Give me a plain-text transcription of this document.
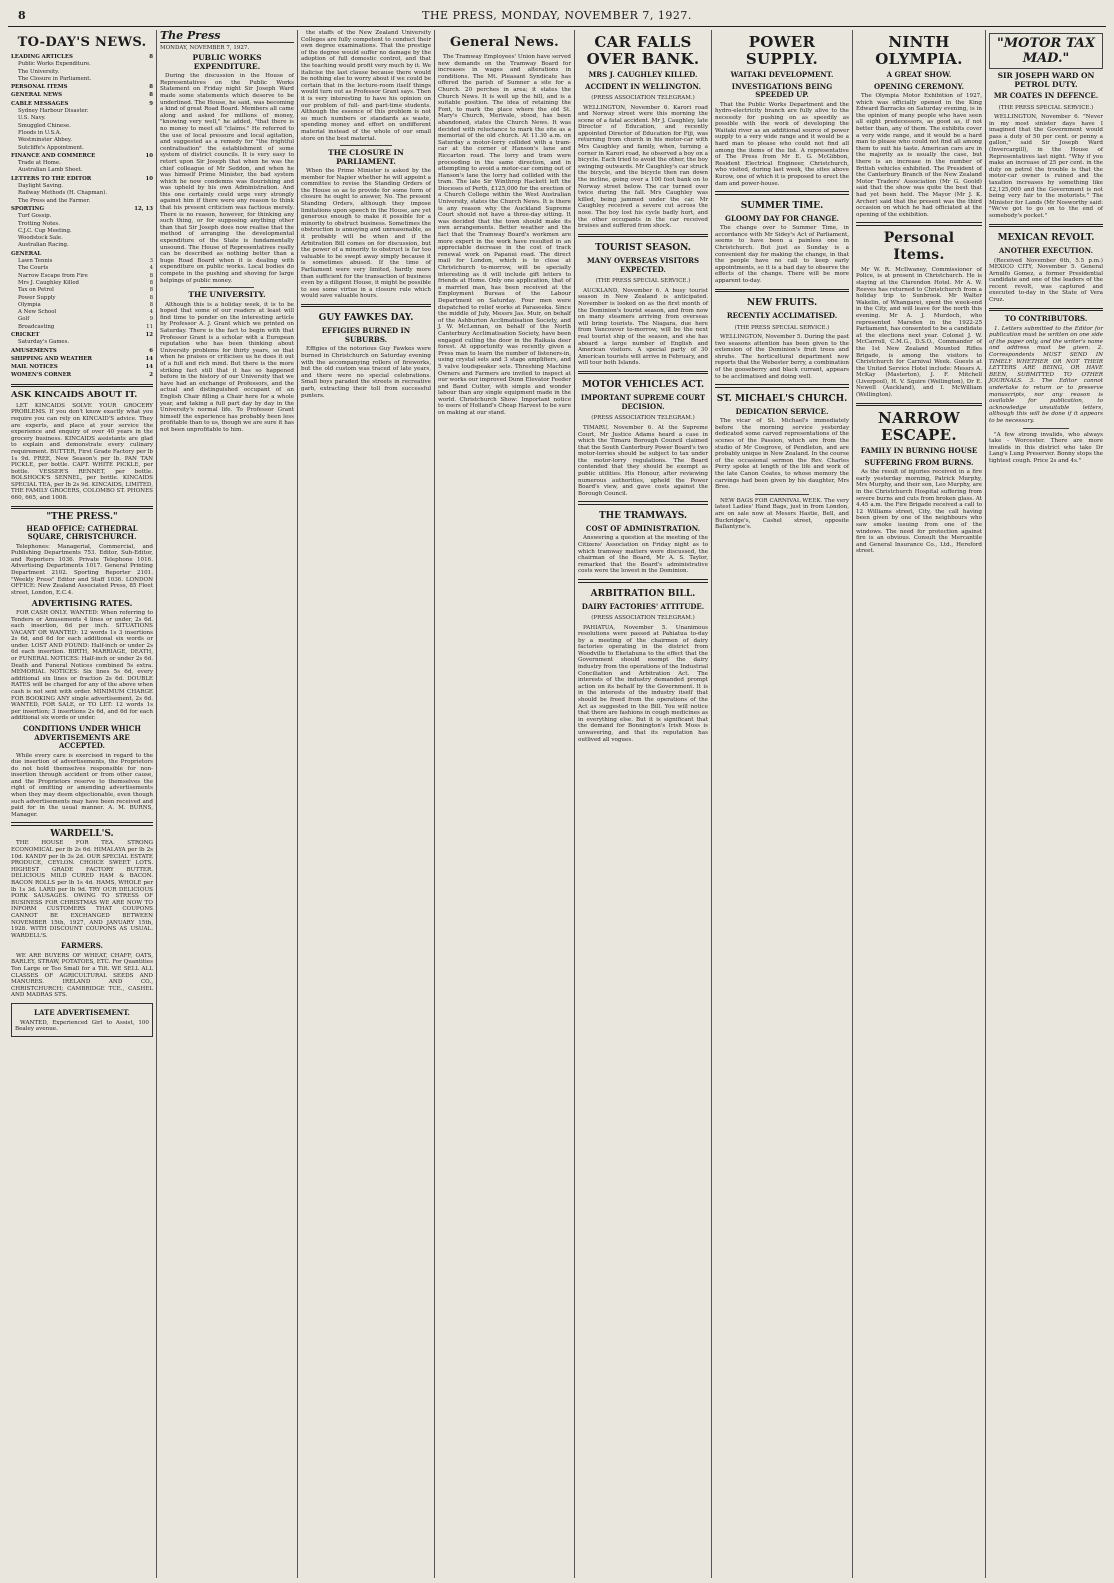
8	THE PRESS, MONDAY, NOVEMBER 7, 1927.
TO-DAY'S NEWS.
LEADING ARTICLES	8
Public Works Expenditure.
The University.
The Closure in Parliament.
PERSONAL ITEMS	8
GENERAL NEWS	8
CABLE MESSAGES	9
Sydney Harbour Disaster.
U.S. Navy.
Smuggled Chinese.
Floods in U.S.A.
Westminster Abbey.
Sutcliffe's Appointment.
FINANCE AND COMMERCE	10
Trade at Home.
Australian Lamb Sheet.
LETTERS TO THE EDITOR	10
Daylight Saving.
Railway Methods (H. Chapman).
The Press and the Farmer.
SPORTING	12, 13
Turf Gossip.
Trotting Notes.
C.J.C. Cup Meeting.
Woodstock Sale.
Australian Racing.
GENERAL
Lawn Tennis	3
The Courts	4
Narrow Escape from Fire	8
Mrs J. Caughley Killed	8
Tax on Petrol	8
Power Supply	8
Olympia	8
A New School	4
Golf	9
Broadcasting	11
CRICKET	12
Saturday's Games.
AMUSEMENTS	6
SHIPPING AND WEATHER	14
MAIL NOTICES	14
WOMEN'S CORNER	2
ASK KINCAIDS ABOUT IT.

LET KINCAIDS SOLVE YOUR GROCERY PROBLEMS. If you don't know exactly what you require you can rely on KINCAID'S advice. They are experts, and place at your service the experience and enquiry of over 40 years in the grocery business. KINCAIDS assistants are glad to explain and demonstrate every culinary requirement. BUTTER, First Grade Factory per lb 1s 9d. FREE, New Season's per lb. PAN TAN PICKLE, per bottle. CAPT. WHITE PICKLE, per bottle. VESSER'S RENNET, per bottle. BOLSHOCK'S SENNEL, per bottle. KINCAIDS SPECIAL TEA, per lb 2s 9d. KINCAIDS, LIMITED, THE FAMILY GROCERS, COLOMBO ST. PHONES 660, 665, and 1008.

"THE PRESS."
HEAD OFFICE: CATHEDRAL SQUARE, CHRISTCHURCH.

Telephones: Managerial, Commercial, and Publishing Departments 753. Editor, Sub-Editor, and Reporters 1036. Private Telephone 1016. Advertising Departments 1017. General Printing Department 2102. Sporting Reporter 2101. "Weekly Press" Editor and Staff 1036. LONDON OFFICE: New Zealand Associated Press, 85 Fleet street, London, E.C.4.

ADVERTISING RATES.

FOR CASH ONLY. WANTED: When referring to Tenders or Amusements 4 lines or under, 2s 6d. each insertion, 6d per inch. SITUATIONS VACANT OR WANTED: 12 words 1s 3 insertions 2s 6d, and 6d for each additional six words or under. LOST AND FOUND: Half-inch or under 2s 6d each insertion. BIRTH, MARRIAGE, DEATH, or FUNERAL NOTICES: Half-inch or under 2s 6d. Death and Funeral Notices combined 5s extra. MEMORIAL NOTICES: Six lines 5s 6d, every additional six lines or fraction 2s 6d. DOUBLE RATES will be charged for any of the above when cash is not sent with order. MINIMUM CHARGE FOR BOOKING ANY single advertisement, 2s 6d. WANTED, FOR SALE, or TO LET: 12 words 1s per insertion; 3 insertions 2s 6d, and 6d for each additional six words or under.

CONDITIONS UNDER WHICH ADVERTISEMENTS ARE ACCEPTED.

While every care is exercised in regard to the due insertion of advertisements, the Proprietors do not hold themselves responsible for non-insertion through accident or from other cause, and the Proprietors reserve to themselves the right of omitting or amending advertisements when they may deem objectionable, even though such advertisements may have been received and paid for in the usual manner. A. M. BURNS, Manager.

WARDELL'S.

THE HOUSE FOR TEA. STRONG ECONOMICAL per lb 2s 6d. HIMALAYA per lb 2s 10d. KANDY per lb 3s 2d. OUR SPECIAL ESTATE PRODUCE, CEYLON. CHOICE SWEET LOTS. HIGHEST GRADE FACTORY BUTTER. DELICIOUS MILD CURED HAM & BACON. BACON ROLLS per lb 1s 4d. HAMS, WHOLE per lb 1s 3d. LARD per lb 9d. TRY OUR DELICIOUS PORK SAUSAGES. OWING TO STRESS OF BUSINESS FOR CHRISTMAS WE ARE NOW TO INFORM CUSTOMERS THAT COUPONS CANNOT BE EXCHANGED BETWEEN NOVEMBER 15th, 1927, AND JANUARY 15th, 1928. WITH DISCOUNT COUPONS AS USUAL. WARDELL'S.

FARMERS.

WE ARE BUYERS OF WHEAT, CHAFF, OATS, BARLEY, STRAW, POTATOES, ETC. For Quantities Ton Large or Too Small for a Tilt. WE SELL ALL CLASSES OF AGRICULTURAL SEEDS AND MANURES. IRELAND AND CO., CHRISTCHURCH; CAMBRIDGE TCE., CASHEL AND MADRAS STS.

LATE ADVERTISEMENT.

WANTED, Experienced Girl to Assist, 100 Bealey avenue.

The Press
MONDAY, NOVEMBER 7, 1927.
PUBLIC WORKS EXPENDITURE.

During the discussion in the House of Representatives on the Public Works Statement on Friday night Sir Joseph Ward made some statements which deserve to be underlined. The House, he said, was becoming a kind of great Road Board. Members all came along and asked for millions of money, "knowing very well," he added, "that there is no money to meet all "claims." He referred to the use of local pressure and local agitation, and suggested as a remedy for "the frightful centralisation" the establishment of some system of district councils. It is very easy to retort upon Sir Joseph that when he was the chief colleague of Mr Seddon, and when he was himself Prime Minister, the bad system which he now condemns was flourishing and was upheld by his own Administration. And this one certainly could urge very strongly against him if there were any reason to think that his present criticism was factious merely. There is no reason, however, for thinking any such thing, or for supposing anything other than that Sir Joseph does now realise that the method of arranging the developmental expenditure of the State is fundamentally unsound. The House of Representatives really can be described as nothing better than a huge Road Board when it is dealing with expenditure on public works. Local bodies do compete in the pushing and shoving for large helpings of public money.

THE UNIVERSITY.

Although this is a holiday week, it is to be hoped that some of our readers at least will find time to ponder on the interesting article by Professor A. J. Grant which we printed on Saturday. There is the fact to begin with that Professor Grant is a scholar with a European reputation who has been thinking about University problems for thirty years, so that when he praises or criticises us he does it out of a full and rich mind. But there is the more striking fact still that it has so happened before in the history of our University that we have had an exchange of Professors, and the actual and distinguished occupant of an English Chair filling a Chair here for a whole year, and taking a full part day by day in the University's normal life. To Professor Grant himself the experience has probably been less profitable than to us, though we are sure it has not been unprofitable to him.

the staffs of the New Zealand University Colleges are fully competent to conduct their own degree examinations. That the prestige of the degree would suffer no damage by the adoption of full domestic control, and that the teaching would profit very much by it. We italicise the last clause because there would be nothing else to worry about if we could be certain that in the lecture-room itself things would turn out as Professor Grant says. Then it is very interesting to have his opinion on our problem of full- and part-time students. Although the essence of this problem is not so much numbers or standards as waste, spending money and effort on undifferent material instead of the whole of our small store on the best material.

THE CLOSURE IN PARLIAMENT.

When the Prime Minister is asked by the member for Napier whether he will appoint a committee to revise the Standing Orders of the House so as to provide for some form of closure he ought to answer, No. The present Standing Orders, although they impose limitations upon speech in the House, are yet generous enough to make it possible for a minority to obstruct business. Sometimes the obstruction is annoying and unreasonable, as it probably will be when and if the Arbitration Bill comes on for discussion, but the power of a minority to obstruct is far too valuable to be swept away simply because it is sometimes abused. If the time of Parliament were very limited, hardly more than sufficient for the transaction of business even by a diligent House, it might be possible to see some virtue in a closure rule which would save valuable hours.

GUY FAWKES DAY.
EFFIGIES BURNED IN SUBURBS.

Effigies of the notorious Guy Fawkes were burned in Christchurch on Saturday evening with the accompanying rollers of fireworks, but the old custom was traced of late years, and there were no special celebrations. Small boys paraded the streets in recreative garb, extracting their toll from successful punters.

General News.

The Tramway Employees' Union have served new demands on the Tramway Board for increases in wages and alterations in conditions. The Mt. Pleasant Syndicate has offered the parish of Sumner a site for a Church. 20 perches in area; it states the Church News. It is well up the hill, and is a suitable position. The idea of retaining the Font, to mark the place where the old St. Mary's Church, Merivale, stood, has been abandoned, states the Church News. It was decided with reluctance to mark the site as a memorial of the old church. At 11.30 a.m. on Saturday a motor-lorry collided with a tram-car at the corner of Hanson's lane and Riccarton road. The lorry and tram were proceeding in the same direction, and in attempting to avoid a motor-car coming out of Hanson's lane the lorry had collided with the tram. The late Sir Winthrop Hackett left the Dioceses of Perth, £125,000 for the erection of a Church College within the West Australian University, states the Church News. It is there is any reason why the Auckland Supreme Court should not have a three-day sitting. It was decided that the town should make its own arrangements. Better weather and the fact that the Tramway Board's workmen are more expert in the work have resulted in an appreciable decrease in the cost of track renewal work on Papanui road. The direct mail for London, which is to close at Christchurch to-morrow, will be specially interesting as it will include gift letters to friends at Home. Only one application, that of a married man, has been received at the Employment Bureau of the Labour Department on Saturday. Four men were dispatched to relief works at Paraseeka. Since the middle of July, Messrs Jas. Muir, on behalf of the Ashburton Acclimatisation Society, and J. W. McLennan, on behalf of the North Canterbury Acclimatisation Society, have been engaged culling the door in the Raikaia deer forest. At opportunity was recently given a Press man to learn the number of listeners-in, using crystal sets and 3 stage amplifiers, and 5 valve loudspeaker sets. Threshing Machine Owners and Farmers are invited to inspect at our works our improved Dunn Elevator Feeder and Band Cutter, with simple and wonder labour than any single equipment made in the world. Christchurch Show: Important notice to users of Holland's Cheap Harvest to be sure on making at our stand.

CAR FALLS OVER BANK.
MRS J. CAUGHLEY KILLED.
ACCIDENT IN WELLINGTON.
(PRESS ASSOCIATION TELEGRAM.)

WELLINGTON, November 6. Karori road and Norway street were this morning the scene of a fatal accident. Mr J. Caughley, late Director of Education, and recently appointed Director of Education for Fiji, was returning from church in his motor-car with Mrs Caughley and family, when, turning a corner in Karori road, he observed a boy on a bicycle. Each tried to avoid the other, the boy swinging outwards. Mr Caughley's car struck the bicycle, and the bicycle then ran down the incline, going over a 100 foot bank on to Norway street below. The car turned over twice during the fall. Mrs Caughley was killed, being jammed under the car. Mr Caughley received a severe cut across the nose. The boy lost his cycle badly hurt, and the other occupants in the car received bruises and suffered from shock.

TOURIST SEASON.
MANY OVERSEAS VISITORS EXPECTED.
(THE PRESS SPECIAL SERVICE.)

AUCKLAND, November 6. A busy tourist season in New Zealand is anticipated. November is looked on as the first month of the Dominion's tourist season, and from now on many steamers arriving from overseas will bring tourists. The Niagara, due here from Vancouver to-morrow, will be the next real tourist ship of the season, and she has aboard a large number of English and American visitors. A special party of 30 American tourists will arrive in February, and will tour both Islands.

MOTOR VEHICLES ACT.
IMPORTANT SUPREME COURT DECISION.
(PRESS ASSOCIATION TELEGRAM.)

TIMARU, November 6. At the Supreme Court, Mr Justice Adams heard a case in which the Timaru Borough Council claimed that the South Canterbury Power Board's two motor-lorries should be subject to tax under the motor-lorry regulations. The Board contended that they should be exempt as public utilities. His Honour, after reviewing numerous authorities, upheld the Power Board's view, and gave costs against the Borough Council.

THE TRAMWAYS.
COST OF ADMINISTRATION.

Answering a question at the meeting of the Citizens' Association on Friday night as to which tramway matters were discussed, the chairman of the Board, Mr A. S. Taylor, remarked that the Board's administrative costs were the lowest in the Dominion.

ARBITRATION BILL.
DAIRY FACTORIES' ATTITUDE.
(PRESS ASSOCIATION TELEGRAM.)

PAHIATUA, November 5. Unanimous resolutions were passed at Pahiatua to-day by a meeting of the chairmen of dairy factories operating in the district from Woodville to Eketahuna to the effect that the Government should exempt the dairy industry from the operations of the Industrial Conciliation and Arbitration Act. The interests of the industry demanded prompt action on its behalf by the Government. It is in the interests of the industry itself that should be freed from the operations of the Act as suggested in the Bill. You will notice that there are fashions in cough medicines as in everything else. But it is significant that the demand for Bonnington's Irish Moss is unwavering, and that its reputation has outlived all vogues.

POWER SUPPLY.
WAITAKI DEVELOPMENT.
INVESTIGATIONS BEING SPEEDED UP.

That the Public Works Department and the hydro-electricity branch are fully alive to the necessity for pushing on as speedily as possible with the work of developing the Waitaki river as an additional source of power supply to a very wide range and it would be a hard man to please who could not find all among the items of the list. A representative of The Press from Mr E. G. McGibbon, Resident Electrical Engineer, Christchurch, who visited, during last week, the sites above Kurow, one of which it is proposed to erect the dam and power-house.

SUMMER TIME.
GLOOMY DAY FOR CHANGE.

The change over to Summer Time, in accordance with Mr Sidey's Act of Parliament, seems to have been a painless one in Christchurch. But just as Sunday is a convenient day for making the change, in that the people have no call to keep early appointments, so it is a bad day to observe the effects of the change. There will be more apparent to-day.

NEW FRUITS.
RECENTLY ACCLIMATISED.
(THE PRESS SPECIAL SERVICE.)

WELLINGTON, November 5. During the past two seasons attention has been given to the extension of the Dominion's fruit trees and shrubs. The horticultural department now reports that the Webester berry, a combination of the gooseberry and black currant, appears to be acclimatised and doing well.

ST. MICHAEL'S CHURCH.
DEDICATION SERVICE.

The vicar of St. Michael's immediately before the morning service yesterday dedicated some carved representations of the scenes of the Passion, which are from the studio of Mr Cosgrove, of Pendleton, and are probably unique in New Zealand. In the course of the occasional sermon the Rev. Charles Perry spoke at length of the life and work of the late Canon Coates, to whose memory the carvings had been given by his daughter, Mrs Bree.

NEW BAGS FOR CARNIVAL WEEK. The very latest Ladies' Hand Bags, just in from London, are on sale now at Messrs Hastie, Bell, and Buckridge's, Cashel street, opposite Ballantyne's.

NINTH OLYMPIA.
A GREAT SHOW.
OPENING CEREMONY.

The Olympia Motor Exhibition of 1927, which was officially opened in the King Edward Barracks on Saturday evening, is in the opinion of many people who have seen all eight predecessors, as good as, if not better than, any of them. The exhibits cover a very wide range, and it would be a hard man to please who could not find all among them to suit his taste. American cars are in the majority as is usually the case, but there is an increase in the number of British vehicles exhibited. The President of the Canterbury Branch of the New Zealand Motor Traders' Association (Mr G. Goold) said that the show was quite the best that had yet been held. The Mayor (Mr J. K. Archer) said that the present was the third occasion on which he had officiated at the opening of the exhibition.

Personal Items.

Mr W. R. McIlwaney, Commissioner of Police, is at present in Christchurch. He is staying at the Clarendon Hotel. Mr A. W. Reeves has returned to Christchurch from a holiday trip to Sunbrook. Mr Walter Wakelin, of Whangarei, spent the week-end in the City, and will leave for the north this evening. Mr A. J. Murdoch, who represented Marsden in the 1922-25 Parliament, has consented to be a candidate at the elections next year. Colonel J. W. McCarroll, C.M.G., D.S.O., Commander of the 1st New Zealand Mounted Rifles Brigade, is among the visitors to Christchurch for Carnival Week. Guests at the United Service Hotel include: Messrs A. McKay (Masterton), J. F. Mitchell (Liverpool), H. V. Squire (Wellington), Dr E. Newell (Auckland), and I. McWilliam (Wellington).

NARROW ESCAPE.
FAMILY IN BURNING HOUSE
SUFFERING FROM BURNS.

As the result of injuries received in a fire early yesterday morning, Patrick Murphy, Mrs Murphy, and their son, Leo Murphy, are in the Christchurch Hospital suffering from severe burns and cuts from broken glass. At 4.45 a.m. the Fire Brigade received a call to 12 Williams street, City, the call having been given by one of the neighbours who saw smoke issuing from one of the windows. The need for protection against fire is an obvious. Consult the Mercantile and General Insurance Co., Ltd., Hereford street.

"MOTOR TAX MAD."
SIR JOSEPH WARD ON PETROL DUTY.
MR COATES IN DEFENCE.
(THE PRESS SPECIAL SERVICE.)

WELLINGTON, November 6. "Never in my most sinister days have I imagined that the Government would pass a duty of 50 per cent. or penny a gallon," said Sir Joseph Ward (Invercargill), in the House of Representatives last night. "Why if you make an increase of 25 per cent. in the duty on petrol the trouble is that the motor-car owner is ruined and the taxation increases by something like £2,125,000 and the Government is not being very fair to the motorists." The Minister for Lands (Mr Nosworthy said: "We've got to go on to the end of somebody's pocket."

MEXICAN REVOLT.
ANOTHER EXECUTION.

(Received November 6th, 5.5 p.m.) MEXICO CITY, November 5. General Arnulfo Gomez, a former Presidential candidate and one of the leaders of the recent revolt, was captured and executed to-day in the State of Vera Cruz.

TO CONTRIBUTORS.

1. Letters submitted to the Editor for publication must be written on one side of the paper only, and the writer's name and address must be given. 2. Correspondents MUST SEND IN TIMELY WHETHER OR NOT THEIR LETTERS ARE BEING, OR HAVE BEEN, SUBMITTED TO OTHER JOURNALS. 3. The Editor cannot undertake to return or to preserve manuscripts, nor any reason is available for publication, to acknowledge unsuitable letters, although this will be done if it appears to be necessary.

"A few strong invalids, who always take - Worcester. There are more invalids in this district who take Dr Lang's Lung Preserver. Bonny stops the tightest cough. Price 2s and 4s."
